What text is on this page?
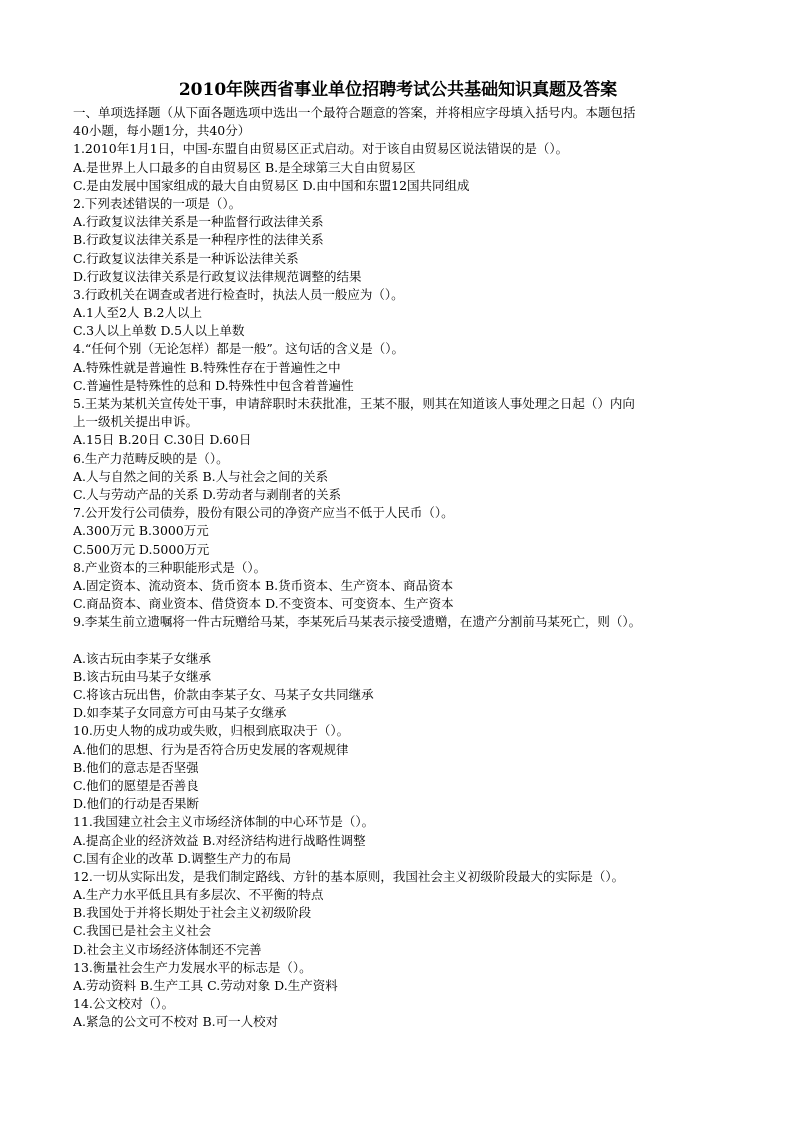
2010年陕西省事业单位招聘考试公共基础知识真题及答案
一、单项选择题（从下面各题选项中选出一个最符合题意的答案，并将相应字母填入括号内。本题包括
40小题，每小题1分，共40分）
1.2010年1月1日，中国-东盟自由贸易区正式启动。对于该自由贸易区说法错误的是（）。
A.是世界上人口最多的自由贸易区 B.是全球第三大自由贸易区
C.是由发展中国家组成的最大自由贸易区 D.由中国和东盟12国共同组成
2.下列表述错误的一项是（）。
A.行政复议法律关系是一种监督行政法律关系
B.行政复议法律关系是一种程序性的法律关系
C.行政复议法律关系是一种诉讼法律关系
D.行政复议法律关系是行政复议法律规范调整的结果
3.行政机关在调查或者进行检查时，执法人员一般应为（）。
A.1人至2人 B.2人以上
C.3人以上单数 D.5人以上单数
4.“任何个别（无论怎样）都是一般”。这句话的含义是（）。
A.特殊性就是普遍性 B.特殊性存在于普遍性之中
C.普遍性是特殊性的总和 D.特殊性中包含着普遍性
5.王某为某机关宣传处干事，申请辞职时未获批准，王某不服，则其在知道该人事处理之日起（）内向
上一级机关提出申诉。
A.15日 B.20日 C.30日 D.60日
6.生产力范畴反映的是（）。
A.人与自然之间的关系 B.人与社会之间的关系
C.人与劳动产品的关系 D.劳动者与剥削者的关系
7.公开发行公司债券，股份有限公司的净资产应当不低于人民币（）。
A.300万元 B.3000万元
C.500万元 D.5000万元
8.产业资本的三种职能形式是（）。
A.固定资本、流动资本、货币资本 B.货币资本、生产资本、商品资本
C.商品资本、商业资本、借贷资本 D.不变资本、可变资本、生产资本
9.李某生前立遗嘱将一件古玩赠给马某，李某死后马某表示接受遗赠，在遗产分割前马某死亡，则（）。
A.该古玩由李某子女继承
B.该古玩由马某子女继承
C.将该古玩出售，价款由李某子女、马某子女共同继承
D.如李某子女同意方可由马某子女继承
10.历史人物的成功或失败，归根到底取决于（）。
A.他们的思想、行为是否符合历史发展的客观规律
B.他们的意志是否坚强
C.他们的愿望是否善良
D.他们的行动是否果断
11.我国建立社会主义市场经济体制的中心环节是（）。
A.提高企业的经济效益 B.对经济结构进行战略性调整
C.国有企业的改革 D.调整生产力的布局
12.一切从实际出发，是我们制定路线、方针的基本原则，我国社会主义初级阶段最大的实际是（）。
A.生产力水平低且具有多层次、不平衡的特点
B.我国处于并将长期处于社会主义初级阶段
C.我国已是社会主义社会
D.社会主义市场经济体制还不完善
13.衡量社会生产力发展水平的标志是（）。
A.劳动资料 B.生产工具 C.劳动对象 D.生产资料
14.公文校对（）。
A.紧急的公文可不校对 B.可一人校对
